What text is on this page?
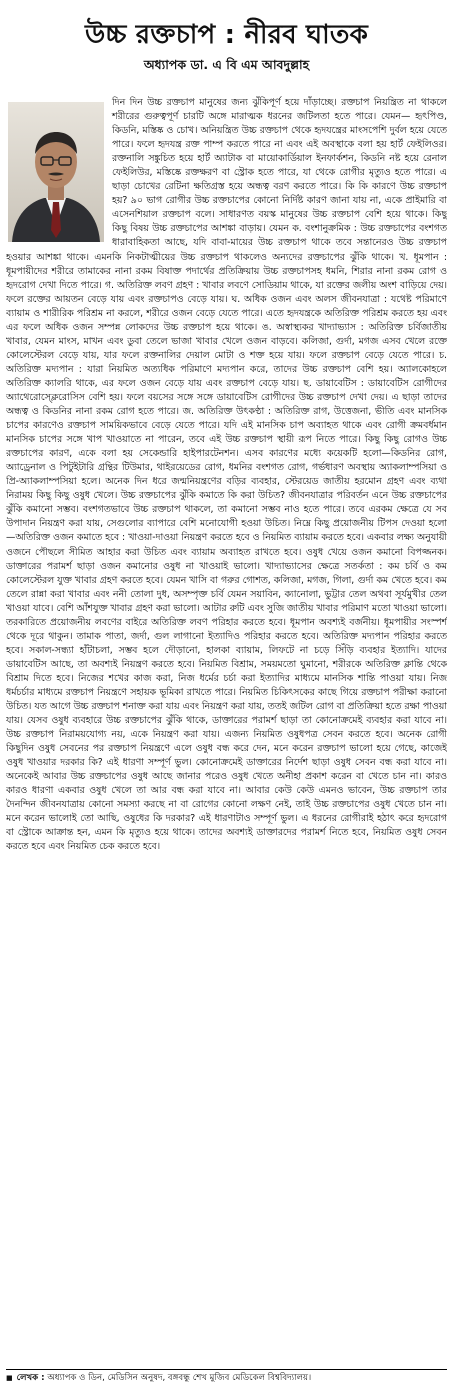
উচ্চ রক্তচাপ : নীরব ঘাতক
অধ্যাপক ডা. এ বি এম আবদুল্লাহ

দিন দিন উচ্চ রক্তচাপ মানুষের জন্য ঝুঁকিপূর্ণ হয়ে দাঁড়াচ্ছে। রক্তচাপ নিয়ন্ত্রিত না থাকলে শরীরের গুরুত্বপূর্ণ চারটি অঙ্গে মারাত্মক ধরনের জটিলতা হতে পারে। যেমন— হৃৎপিণ্ড, কিডনি, মস্তিষ্ক ও চোখ। অনিয়ন্ত্রিত উচ্চ রক্তচাপ থেকে হৃদযন্ত্রের মাংসপেশি দুর্বল হয়ে যেতে পারে। ফলে হৃদযন্ত্র রক্ত পাম্প করতে পারে না এবং এই অবস্থাকে বলা হয় হার্ট ফেইলিওর। রক্তনালি সঙ্কুচিত হয়ে হার্ট অ্যাটাক বা মায়োকার্ডিয়াল ইনফার্কশন, কিডনি নষ্ট হয়ে রেনাল ফেইলিউর, মস্তিষ্কে রক্তক্ষরণ বা স্ট্রোক হতে পারে, যা থেকে রোগীর মৃত্যুও হতে পারে। এ ছাড়া চোখের রেটিনা ক্ষতিগ্রস্ত হয়ে অন্ধত্ব বরণ করতে পারে। কি কি কারণে উচ্চ রক্তচাপ হয়? ৯০ ভাগ রোগীর উচ্চ রক্তচাপের কোনো নির্দিষ্ট কারণ জানা যায় না, একে প্রাইমারি বা এসেনশিয়াল রক্তচাপ বলে। সাধারণত বয়স্ক মানুষের উচ্চ রক্তচাপ বেশি হয়ে থাকে। কিছু কিছু বিষয় উচ্চ রক্তচাপের আশঙ্কা বাড়ায়। যেমন ক. বংশানুক্রমিক : উচ্চ রক্তচাপের বংশগত ধারাবাহিকতা আছে, যদি বাবা-মায়ের উচ্চ রক্তচাপ থাকে তবে সন্তানেরও উচ্চ রক্তচাপ হওয়ার আশঙ্কা থাকে। এমনকি নিকটাত্মীয়ের উচ্চ রক্তচাপ থাকলেও অন্যদের রক্তচাপের ঝুঁকি থাকে। খ. ধূমপান : ধূমপায়ীদের শরীরে তামাকের নানা রকম বিষাক্ত পদার্থের প্রতিক্রিয়ায় উচ্চ রক্তচাপসহ ধমনি, শিরার নানা রকম রোগ ও হৃদরোগ দেখা দিতে পারে। গ. অতিরিক্ত লবণ গ্রহণ : খাবার লবণে সোডিয়াম থাকে, যা রক্তের জলীয় অংশ বাড়িয়ে দেয়। ফলে রক্তের আয়তন বেড়ে যায় এবং রক্তচাপও বেড়ে যায়। ঘ. অধিক ওজন এবং অলস জীবনযাত্রা : যথেষ্ট পরিমাণে ব্যায়াম ও শারীরিক পরিশ্রম না করলে, শরীরে ওজন বেড়ে যেতে পারে। এতে হৃদযন্ত্রকে অতিরিক্ত পরিশ্রম করতে হয় এবং এর ফলে অধিক ওজন সম্পন্ন লোকদের উচ্চ রক্তচাপ হয়ে থাকে। ঙ. অস্বাস্থ্যকর খাদ্যাভ্যাস : অতিরিক্ত চর্বিজাতীয় খাবার, যেমন মাংস, মাখন এবং ডুবা তেলে ভাজা খাবার খেলে ওজন বাড়বে। কলিজা, গুর্দা, মগজ এসব খেলে রক্তে কোলেস্টেরল বেড়ে যায়, যার ফলে রক্তনালির দেয়াল মোটা ও শক্ত হয়ে যায়। ফলে রক্তচাপ বেড়ে যেতে পারে। চ. অতিরিক্ত মদ্যপান : যারা নিয়মিত অত্যধিক পরিমাণে মদ্যপান করে, তাদের উচ্চ রক্তচাপ বেশি হয়। অ্যালকোহলে অতিরিক্ত ক্যালরি থাকে, এর ফলে ওজন বেড়ে যায় এবং রক্তচাপ বেড়ে যায়। ছ. ডায়াবেটিস : ডায়াবেটিস রোগীদের অ্যাথেরোস্ক্লেরোসিস বেশি হয়। ফলে বয়সের সঙ্গে সঙ্গে ডায়াবেটিস রোগীদের উচ্চ রক্তচাপ দেখা দেয়। এ ছাড়া তাদের অন্ধত্ব ও কিডনির নানা রকম রোগ হতে পারে। জ. অতিরিক্ত উৎকণ্ঠা : অতিরিক্ত রাগ, উত্তেজনা, ভীতি এবং মানসিক চাপের কারণেও রক্তচাপ সাময়িকভাবে বেড়ে যেতে পারে। যদি এই মানসিক চাপ অব্যাহত থাকে এবং রোগী ক্রমবর্ধমান মানসিক চাপের সঙ্গে খাপ খাওয়াতে না পারেন, তবে এই উচ্চ রক্তচাপ স্থায়ী রূপ নিতে পারে। কিছু কিছু রোগও উচ্চ রক্তচাপের কারণ, একে বলা হয় সেকেন্ডারি হাইপারটেনশন। এসব কারণের মধ্যে কয়েকটি হলো—কিডনির রোগ, অ্যাড্রেনাল ও পিটুইটারি গ্রন্থির টিউমার, থাইরয়েডের রোগ, ধমনির বংশগত রোগ, গর্ভধারণ অবস্থায় অ্যাকলাম্পসিয়া ও প্রি-অ্যাকলাম্পসিয়া হলে। অনেক দিন ধরে জন্মনিয়ন্ত্রণের বড়ির ব্যবহার, স্টেরয়েড জাতীয় হরমোন গ্রহণ এবং ব্যথা নিরাময় কিছু কিছু ওষুধ খেলে। উচ্চ রক্তচাপের ঝুঁকি কমাতে কি করা উচিত? জীবনযাত্রার পরিবর্তন এনে উচ্চ রক্তচাপের ঝুঁকি কমানো সম্ভব। বংশগতভাবে উচ্চ রক্তচাপ থাকলে, তা কমানো সম্ভব নাও হতে পারে। তবে এরকম ক্ষেত্রে যে সব উপাদান নিয়ন্ত্রণ করা যায়, সেগুলোর ব্যাপারে বেশি মনোযোগী হওয়া উচিত। নিম্নে কিছু প্রয়োজনীয় টিপস দেওয়া হলো—অতিরিক্ত ওজন কমাতে হবে : খাওয়া-দাওয়া নিয়ন্ত্রণ করতে হবে ও নিয়মিত ব্যায়াম করতে হবে। একবার লক্ষ্য অনুযায়ী ওজনে পৌছলে সীমিত আহার করা উচিত এবং ব্যায়াম অব্যাহত রাখতে হবে। ওষুধ খেয়ে ওজন কমানো বিপজ্জনক। ডাক্তারের পরামর্শ ছাড়া ওজন কমানোর ওষুধ না খাওয়াই ভালো। খাদ্যাভ্যাসের ক্ষেত্রে সতর্কতা : কম চর্বি ও কম কোলেস্টেরল যুক্ত খাবার গ্রহণ করতে হবে। যেমন খাসি বা গরুর গোশত, কলিজা, মগজ, গিলা, গুর্দা কম খেতে হবে। কম তেলে রান্না করা খাবার এবং ননী তোলা দুধ, অসম্পৃক্ত চর্বি যেমন সয়াবিন, ক্যানোলা, ভুট্টার তেল অথবা সূর্যমুখীর তেল খাওয়া যাবে। বেশি আঁশযুক্ত খাবার গ্রহণ করা ভালো। আটার রুটি এবং সুজি জাতীয় খাবার পরিমাণ মতো খাওয়া ভালো। তরকারিতে প্রয়োজনীয় লবণের বাইরে অতিরিক্ত লবণ পরিহার করতে হবে। ধূমপান অবশ্যই বর্জনীয়। ধূমপায়ীর সংস্পর্শ থেকে দূরে থাকুন। তামাক পাতা, জর্দা, গুল লাগানো ইত্যাদিও পরিহার করতে হবে। অতিরিক্ত মদ্যপান পরিহার করতে হবে। সকাল-সন্ধ্যা হাঁটাচলা, সম্ভব হলে দৌড়ানো, হালকা ব্যায়াম, লিফটে না চড়ে সিঁড়ি ব্যবহার ইত্যাদি। যাদের ডায়াবেটিস আছে, তা অবশ্যই নিয়ন্ত্রণ করতে হবে। নিয়মিত বিশ্রাম, সময়মতো ঘুমানো, শরীরকে অতিরিক্ত ক্লান্তি থেকে বিশ্রাম দিতে হবে। নিজের শখের কাজ করা, নিজ ধর্মের চর্চা করা ইত্যাদির মাধ্যমে মানসিক শান্তি পাওয়া যায়। নিজ ধর্মচর্চার মাধ্যমে রক্তচাপ নিয়ন্ত্রণে সহায়ক ভূমিকা রাখতে পারে। নিয়মিত চিকিৎসকের কাছে গিয়ে রক্তচাপ পরীক্ষা করানো উচিত। যত আগে উচ্চ রক্তচাপ শনাক্ত করা যায় এবং নিয়ন্ত্রণ করা যায়, ততই জটিল রোগ বা প্রতিক্রিয়া হতে রক্ষা পাওয়া যায়। যেসব ওষুধ ব্যবহারে উচ্চ রক্তচাপের ঝুঁকি থাকে, ডাক্তারের পরামর্শ ছাড়া তা কোনোক্রমেই ব্যবহার করা যাবে না। উচ্চ রক্তচাপ নিরাময়যোগ্য নয়, একে নিয়ন্ত্রণ করা যায়। এজন্য নিয়মিত ওষুধপত্র সেবন করতে হবে। অনেক রোগী কিছুদিন ওষুধ সেবনের পর রক্তচাপ নিয়ন্ত্রণে এলে ওষুধ বন্ধ করে দেন, মনে করেন রক্তচাপ ভালো হয়ে গেছে, কাজেই ওষুধ খাওয়ার দরকার কি? এই ধারণা সম্পূর্ণ ভুল। কোনোক্রমেই ডাক্তারের নির্দেশ ছাড়া ওষুধ সেবন বন্ধ করা যাবে না। অনেকেই আবার উচ্চ রক্তচাপের ওষুধ আছে জানার পরেও ওষুধ খেতে অনীহা প্রকাশ করেন বা খেতে চান না। কারও কারও ধারণা একবার ওষুধ খেলে তা আর বন্ধ করা যাবে না। আবার কেউ কেউ এমনও ভাবেন, উচ্চ রক্তচাপ তার দৈনন্দিন জীবনযাত্রায় কোনো সমস্যা করছে না বা রোগের কোনো লক্ষণ নেই, তাই উচ্চ রক্তচাপের ওষুধ খেতে চান না। মনে করেন ভালোই তো আছি, ওষুধের কি দরকার? এই ধারণাটাও সম্পূর্ণ ভুল। এ ধরনের রোগীরাই হঠাৎ করে হৃদরোগ বা স্ট্রোকে আক্রান্ত হন, এমন কি মৃত্যুও হয়ে থাকে। তাদের অবশ্যই ডাক্তারদের পরামর্শ নিতে হবে, নিয়মিত ওষুধ সেবন করতে হবে এবং নিয়মিত চেক করতে হবে।

■ লেখক : অধ্যাপক ও ডিন, মেডিসিন অনুষদ, বঙ্গবন্ধু শেখ মুজিব মেডিকেল বিশ্ববিদ্যালয়।
